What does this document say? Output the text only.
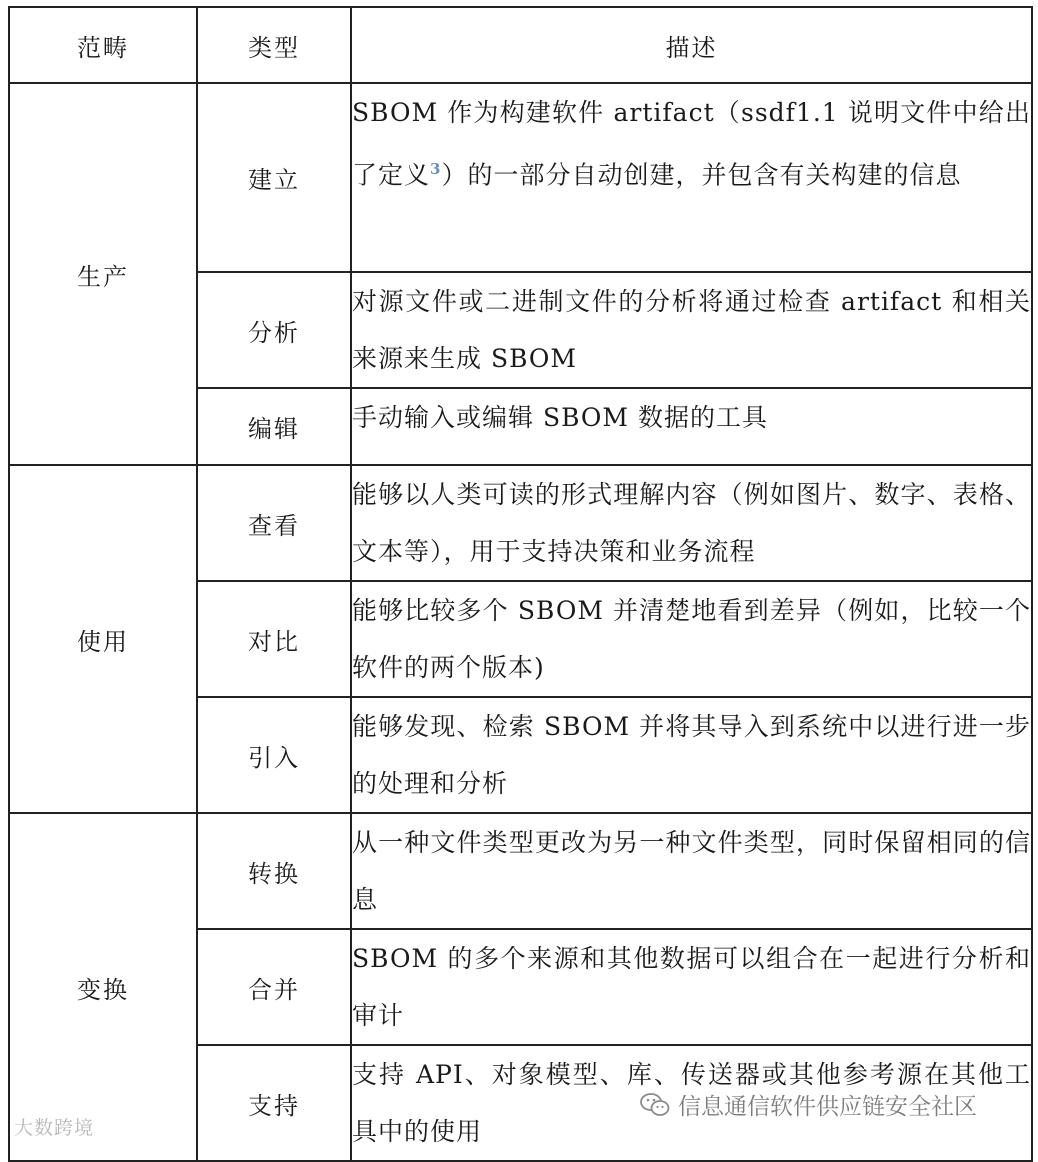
范畴	类型	描述
生产	建立	SBOM 作为构建软件 artifact（ssdf1.1 说明文件中给出了定义$^3$）的一部分自动创建，并包含有关构建的信息
	分析	对源文件或二进制文件的分析将通过检查 artifact 和相关来源来生成 SBOM
	编辑	手动输入或编辑 SBOM 数据的工具
使用	查看	能够以人类可读的形式理解内容（例如图片、数字、表格、文本等），用于支持决策和业务流程
	对比	能够比较多个 SBOM 并清楚地看到差异（例如，比较一个软件的两个版本)
	引入	能够发现、检索 SBOM 并将其导入到系统中以进行进一步的处理和分析
变换	转换	从一种文件类型更改为另一种文件类型，同时保留相同的信息
	合并	SBOM 的多个来源和其他数据可以组合在一起进行分析和审计
	支持	支持 API、对象模型、库、传送器或其他参考源在其他工具中的使用
大数跨境
信息通信软件供应链安全社区
